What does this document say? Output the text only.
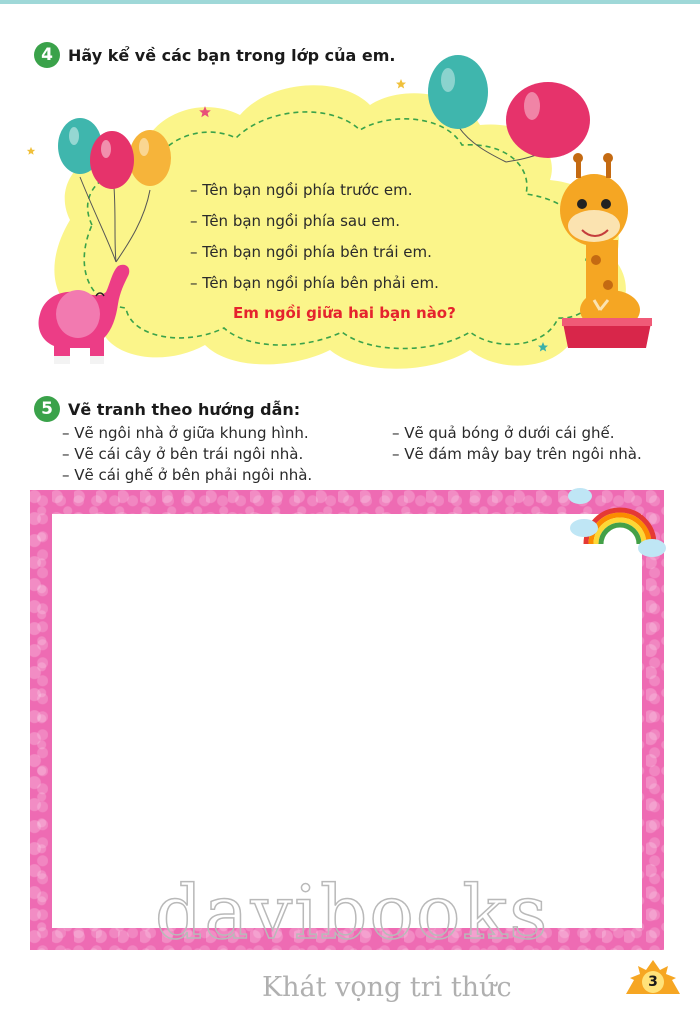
4 Hãy kể về các bạn trong lớp của em.
– Tên bạn ngồi phía trước em.
– Tên bạn ngồi phía sau em.
– Tên bạn ngồi phía bên trái em.
– Tên bạn ngồi phía bên phải em.
Em ngồi giữa hai bạn nào?
5 Vẽ tranh theo hướng dẫn:
– Vẽ ngôi nhà ở giữa khung hình.
– Vẽ cái cây ở bên trái ngôi nhà.
– Vẽ cái ghế ở bên phải ngôi nhà.
– Vẽ quả bóng ở dưới cái ghế.
– Vẽ đám mây bay trên ngôi nhà.
davibooks
Khát vọng tri thức	3
